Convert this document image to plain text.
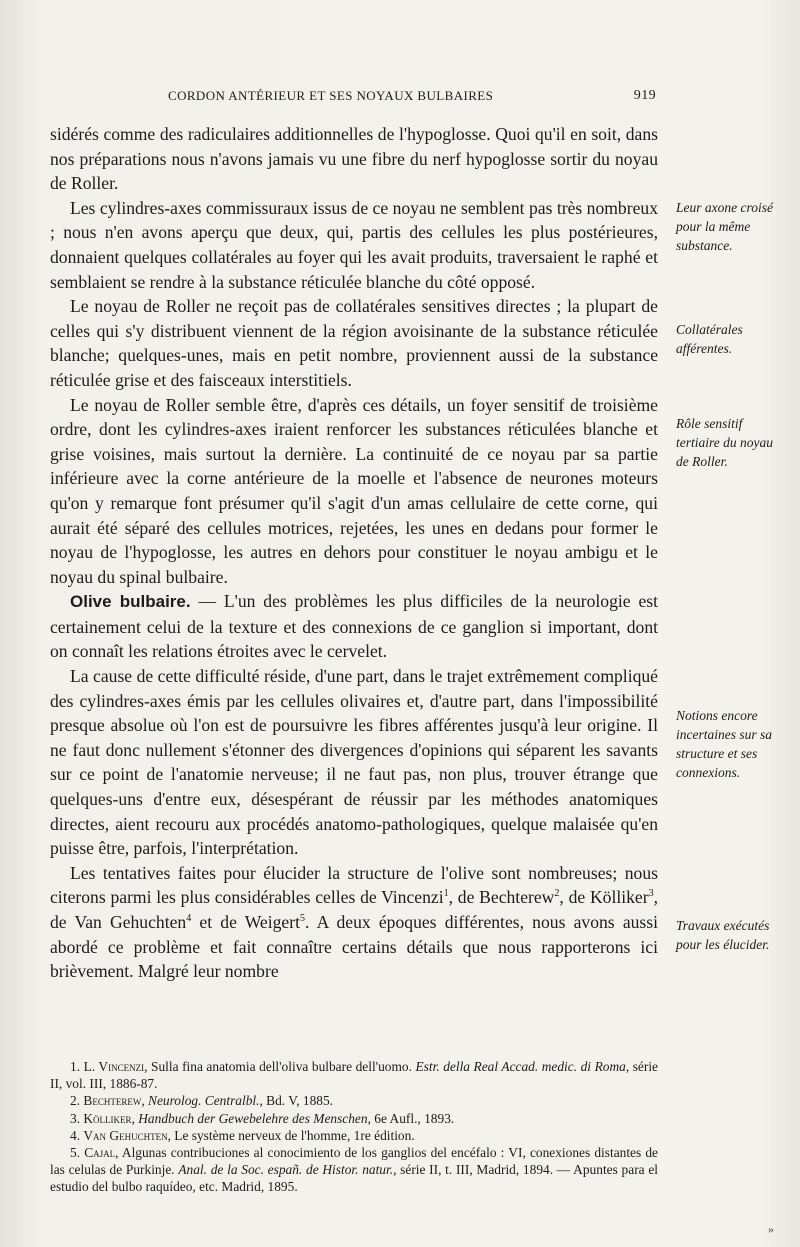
CORDON ANTÉRIEUR ET SES NOYAUX BULBAIRES	919

sidérés comme des radiculaires additionnelles de l'hypoglosse. Quoi qu'il en soit, dans nos préparations nous n'avons jamais vu une fibre du nerf hypoglosse sortir du noyau de Roller.

Les cylindres-axes commissuraux issus de ce noyau ne semblent pas très nombreux ; nous n'en avons aperçu que deux, qui, partis des cellules les plus postérieures, donnaient quelques collatérales au foyer qui les avait produits, traversaient le raphé et semblaient se rendre à la substance réticulée blanche du côté opposé.

Le noyau de Roller ne reçoit pas de collatérales sensitives directes ; la plupart de celles qui s'y distribuent viennent de la région avoisinante de la substance réticulée blanche; quelques-unes, mais en petit nombre, proviennent aussi de la substance réticulée grise et des faisceaux interstitiels.

Le noyau de Roller semble être, d'après ces détails, un foyer sensitif de troisième ordre, dont les cylindres-axes iraient renforcer les substances réticulées blanche et grise voisines, mais surtout la dernière. La continuité de ce noyau par sa partie inférieure avec la corne antérieure de la moelle et l'absence de neurones moteurs qu'on y remarque font présumer qu'il s'agit d'un amas cellulaire de cette corne, qui aurait été séparé des cellules motrices, rejetées, les unes en dedans pour former le noyau de l'hypoglosse, les autres en dehors pour constituer le noyau ambigu et le noyau du spinal bulbaire.

Olive bulbaire. — L'un des problèmes les plus difficiles de la neurologie est certainement celui de la texture et des connexions de ce ganglion si important, dont on connaît les relations étroites avec le cervelet.

La cause de cette difficulté réside, d'une part, dans le trajet extrêmement compliqué des cylindres-axes émis par les cellules olivaires et, d'autre part, dans l'impossibilité presque absolue où l'on est de poursuivre les fibres afférentes jusqu'à leur origine. Il ne faut donc nullement s'étonner des divergences d'opinions qui séparent les savants sur ce point de l'anatomie nerveuse; il ne faut pas, non plus, trouver étrange que quelques-uns d'entre eux, désespérant de réussir par les méthodes anatomiques directes, aient recouru aux procédés anatomo-pathologiques, quelque malaisée qu'en puisse être, parfois, l'interprétation.

Les tentatives faites pour élucider la structure de l'olive sont nombreuses; nous citerons parmi les plus considérables celles de Vincenzi$^1$, de Bechterew$^2$, de Kölliker$^3$, de Van Gehuchten$^4$ et de Weigert$^5$. A deux époques différentes, nous avons aussi abordé ce problème et fait connaître certains détails que nous rapporterons ici brièvement. Malgré leur nombre

Leur axone croisé pour la même substance.
Collatérales afférentes.
Rôle sensitif tertiaire du noyau de Roller.
Notions encore incertaines sur sa structure et ses connexions.
Travaux exécutés pour les élucider.

1. L. Vincenzi, Sulla fina anatomia dell'oliva bulbare dell'uomo. Estr. della Real Accad. medic. di Roma, série II, vol. III, 1886-87.

2. Bechterew, Neurolog. Centralbl., Bd. V, 1885.

3. Kölliker, Handbuch der Gewebelehre des Menschen, 6e Aufl., 1893.

4. Van Gehuchten, Le système nerveux de l'homme, 1re édition.

5. Cajal, Algunas contribuciones al conocimiento de los ganglios del encéfalo : VI, conexiones distantes de las celulas de Purkinje. Anal. de la Soc. españ. de Histor. natur., série II, t. III, Madrid, 1894. — Apuntes para el estudio del bulbo raquídeo, etc. Madrid, 1895.

»
